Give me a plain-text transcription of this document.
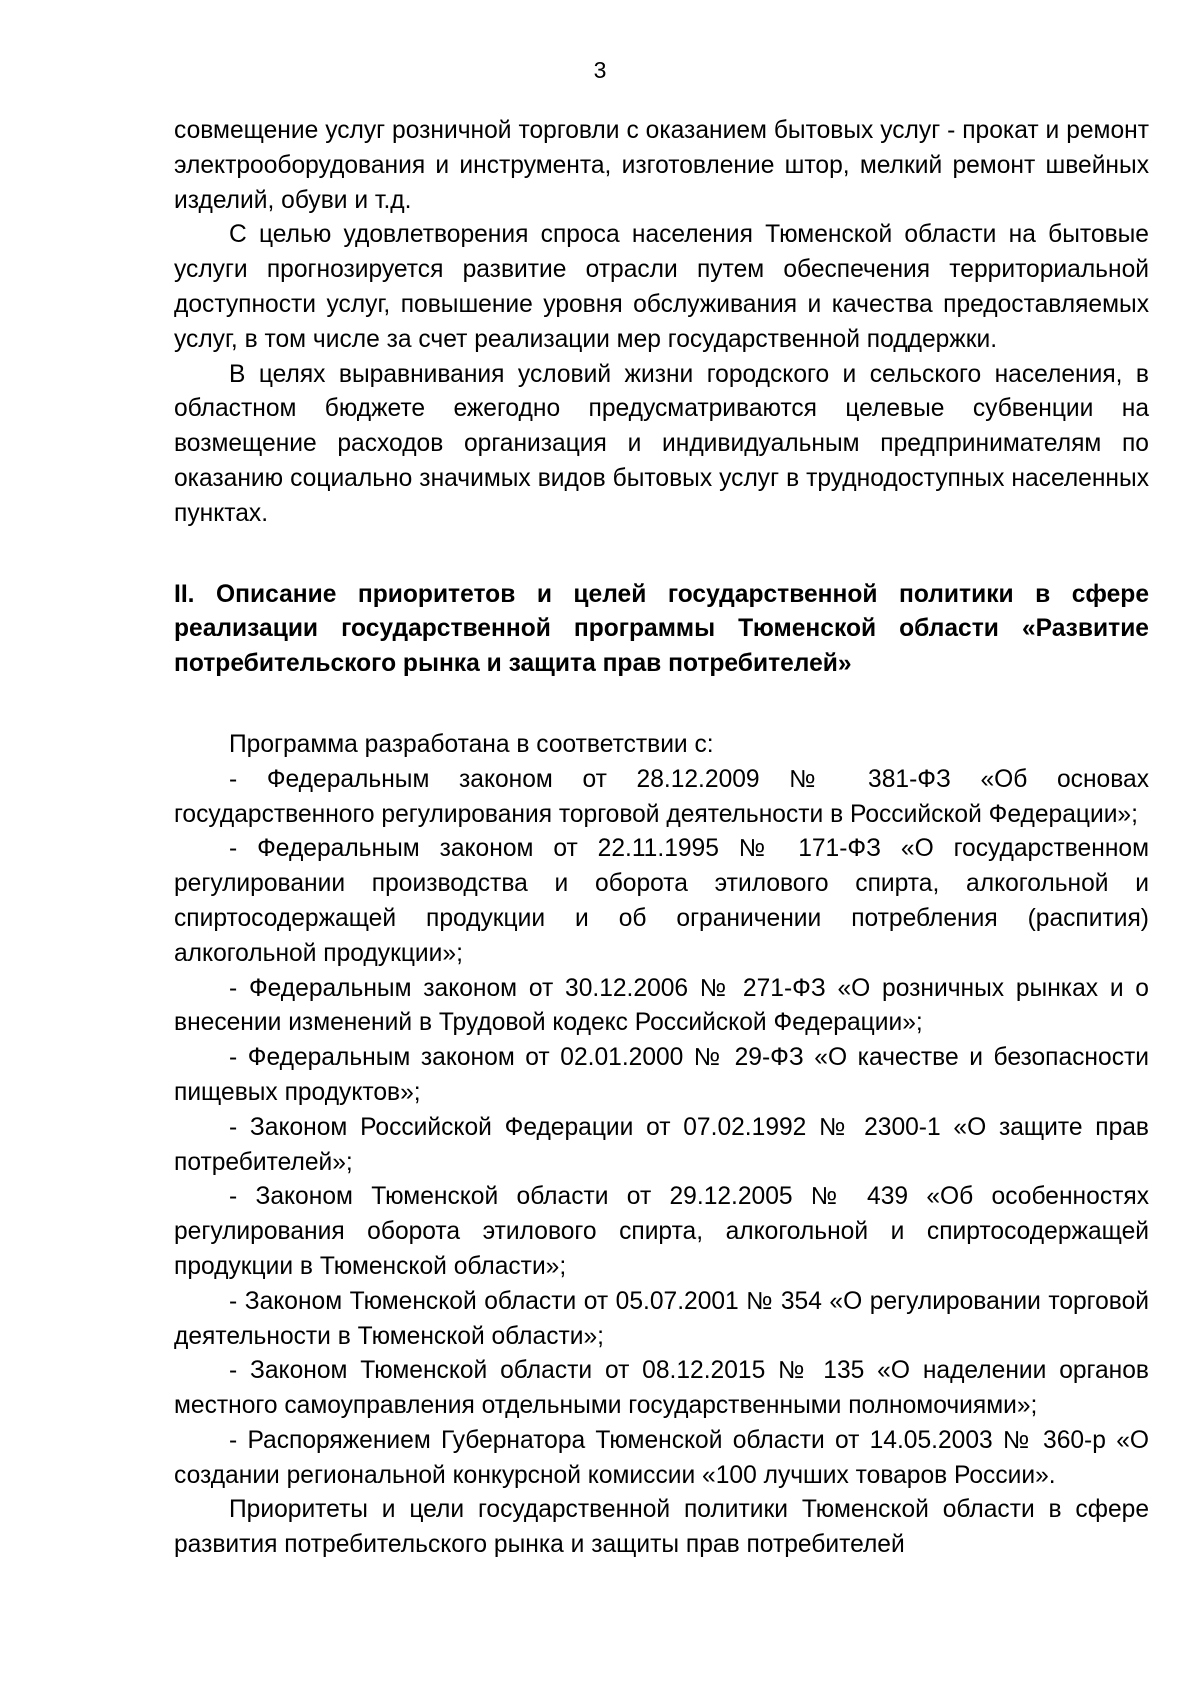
3

совмещение услуг розничной торговли с оказанием бытовых услуг - прокат и ремонт электрооборудования и инструмента, изготовление штор, мелкий ремонт швейных изделий, обуви и т.д.

С целью удовлетворения спроса населения Тюменской области на бытовые услуги прогнозируется развитие отрасли путем обеспечения территориальной доступности услуг, повышение уровня обслуживания и качества предоставляемых услуг, в том числе за счет реализации мер государственной поддержки.

В целях выравнивания условий жизни городского и сельского населения, в областном бюджете ежегодно предусматриваются целевые субвенции на возмещение расходов организация и индивидуальным предпринимателям по оказанию социально значимых видов бытовых услуг в труднодоступных населенных пунктах.

II. Описание приоритетов и целей государственной политики в сфере реализации государственной программы Тюменской области «Развитие потребительского рынка и защита прав потребителей»

Программа разработана в соответствии с:

- Федеральным законом от 28.12.2009 № 381-ФЗ «Об основах государственного регулирования торговой деятельности в Российской Федерации»;

- Федеральным законом от 22.11.1995 № 171-ФЗ «О государственном регулировании производства и оборота этилового спирта, алкогольной и спиртосодержащей продукции и об ограничении потребления (распития) алкогольной продукции»;

- Федеральным законом от 30.12.2006 № 271-ФЗ «О розничных рынках и о внесении изменений в Трудовой кодекс Российской Федерации»;

- Федеральным законом от 02.01.2000 № 29-ФЗ «О качестве и безопасности пищевых продуктов»;

- Законом Российской Федерации от 07.02.1992 № 2300-1 «О защите прав потребителей»;

- Законом Тюменской области от 29.12.2005 № 439 «Об особенностях регулирования оборота этилового спирта, алкогольной и спиртосодержащей продукции в Тюменской области»;

- Законом Тюменской области от 05.07.2001 № 354 «О регулировании торговой деятельности в Тюменской области»;

- Законом Тюменской области от 08.12.2015 № 135 «О наделении органов местного самоуправления отдельными государственными полномочиями»;

- Распоряжением Губернатора Тюменской области от 14.05.2003 № 360-р «О создании региональной конкурсной комиссии «100 лучших товаров России».

Приоритеты и цели государственной политики Тюменской области в сфере развития потребительского рынка и защиты прав потребителей
